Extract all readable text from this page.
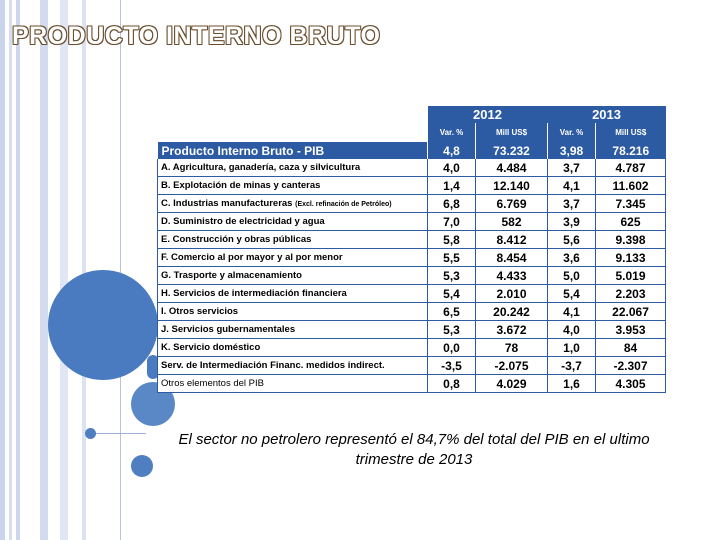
PRODUCTO INTERNO BRUTO
	2012		2013	
	Var. %	Mill US$	Var. %	Mill US$
Producto Interno Bruto - PIB	4,8	73.232	3,98	78.216
A. Agricultura, ganadería, caza y silvicultura	4,0	4.484	3,7	4.787
B. Explotación de minas y canteras	1,4	12.140	4,1	11.602
C. Industrias manufactureras (Excl. refinación de Petróleo)	6,8	6.769	3,7	7.345
D. Suministro de electricidad y agua	7,0	582	3,9	625
E. Construcción y obras públicas	5,8	8.412	5,6	9.398
F. Comercio al por mayor y al por menor	5,5	8.454	3,6	9.133
G. Trasporte y almacenamiento	5,3	4.433	5,0	5.019
H. Servicios de intermediación financiera	5,4	2.010	5,4	2.203
I. Otros servicios	6,5	20.242	4,1	22.067
J. Servicios gubernamentales	5,3	3.672	4,0	3.953
K. Servicio doméstico	0,0	78	1,0	84
Serv. de Intermediación Financ. medidos indirect.	-3,5	-2.075	-3,7	-2.307
Otros elementos del PIB	0,8	4.029	1,6	4.305

El sector no petrolero representó el 84,7% del total del PIB en el ultimo trimestre de 2013
